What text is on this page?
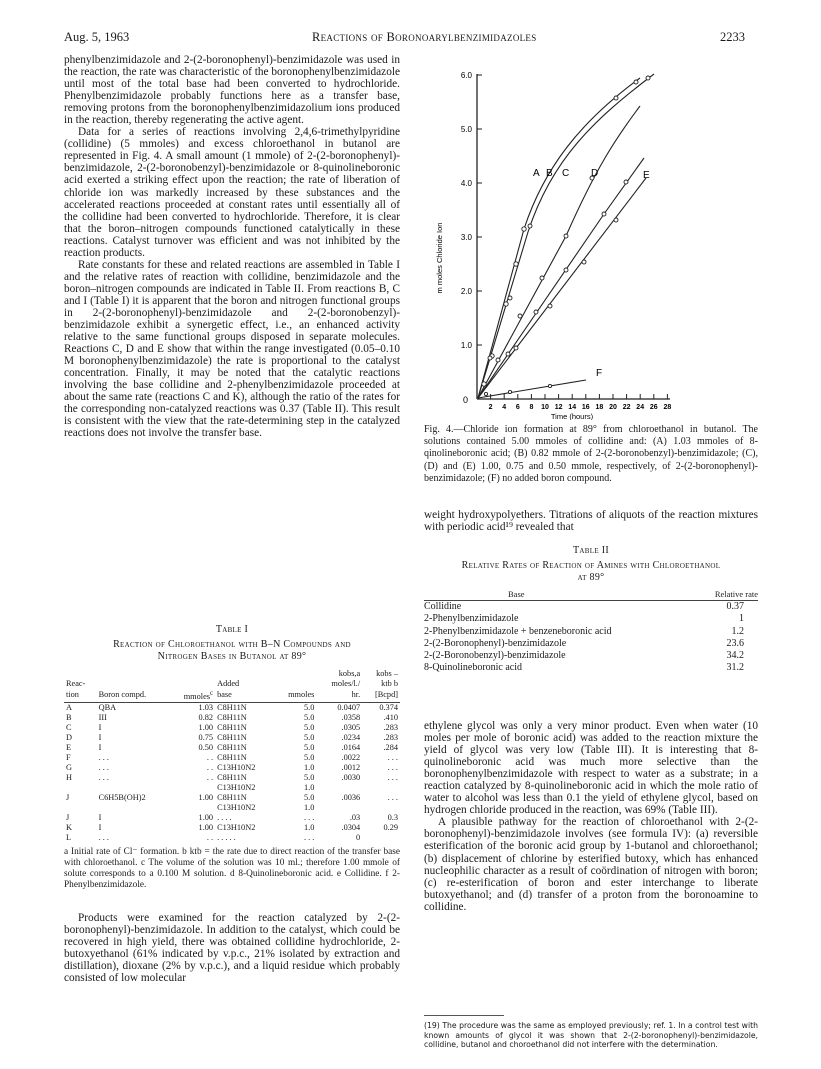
Aug. 5, 1963	Reactions of Boronoarylbenzimidazoles	2233

phenylbenzimidazole and 2-(2-boronophenyl)-benzimidazole was used in the reaction, the rate was characteristic of the boronophenylbenzimidazole until most of the total base had been converted to hydrochloride. Phenylbenzimidazole probably functions here as a transfer base, removing protons from the boronophenylbenzimidazolium ions produced in the reaction, thereby regenerating the active agent.

Data for a series of reactions involving 2,4,6-trimethylpyridine (collidine) (5 mmoles) and excess chloroethanol in butanol are represented in Fig. 4. A small amount (1 mmole) of 2-(2-boronophenyl)-benzimidazole, 2-(2-boronobenzyl)-benzimidazole or 8-quinolineboronic acid exerted a striking effect upon the reaction; the rate of liberation of chloride ion was markedly increased by these substances and the accelerated reactions proceeded at constant rates until essentially all of the collidine had been converted to hydrochloride. Therefore, it is clear that the boron–nitrogen compounds functioned catalytically in these reactions. Catalyst turnover was efficient and was not inhibited by the reaction products.

Rate constants for these and related reactions are assembled in Table I and the relative rates of reaction with collidine, benzimidazole and the boron–nitrogen compounds are indicated in Table II. From reactions B, C and I (Table I) it is apparent that the boron and nitrogen functional groups in 2-(2-boronophenyl)-benzimidazole and 2-(2-boronobenzyl)-benzimidazole exhibit a synergetic effect, i.e., an enhanced activity relative to the same functional groups disposed in separate molecules. Reactions C, D and E show that within the range investigated (0.05–0.10 M boronophenylbenzimidazole) the rate is proportional to the catalyst concentration. Finally, it may be noted that the catalytic reactions involving the base collidine and 2-phenylbenzimidazole proceeded at about the same rate (reactions C and K), although the ratio of the rates for the corresponding non-catalyzed reactions was 0.37 (Table II). This result is consistent with the view that the rate-determining step in the catalyzed reactions does not involve the transfer base.

Table I
Reaction of Chloroethanol with B–N Compounds and
Nitrogen Bases in Butanol at 89°
					kobs,a	kobs –
Reac-			Added		moles/l./	ktb b
tion	Boron compd.	mmoles$^c$	base	mmoles	hr.	[Bcpd]
A	QBA	1.03	C8H11N	5.0	0.0407	0.374
B	III	0.82	C8H11N	5.0	.0358	.410
C	I	1.00	C8H11N	5.0	.0305	.283
D	I	0.75	C8H11N	5.0	.0234	.283
E	I	0.50	C8H11N	5.0	.0164	.284
F	. . .	. .	C8H11N	5.0	.0022	. . .
G	. . .	. .	C13H10N2	1.0	.0012	. . .
H	. . .	. .	C8H11N	5.0	.0030	. . .
			C13H10N2	1.0		
J	C6H5B(OH)2	1.00	C8H11N	5.0	.0036	. . .
			C13H10N2	1.0		
J	I	1.00	. . . .	. . .	.03	0.3
K	I	1.00	C13H10N2	1.0	.0304	0.29
L	. . .	. .	. . . . .	. . .	0	
a Initial rate of Cl⁻ formation. b ktb = the rate due to direct reaction of the transfer base with chloroethanol. c The volume of the solution was 10 ml.; therefore 1.00 mmole of solute corresponds to a 0.100 M solution. d 8-Quinolineboronic acid. e Collidine. f 2-Phenylbenzimidazole.

Products were examined for the reaction catalyzed by 2-(2-boronophenyl)-benzimidazole. In addition to the catalyst, which could be recovered in high yield, there was obtained collidine hydrochloride, 2-butoxyethanol (61% indicated by v.p.c., 21% isolated by extraction and distillation), dioxane (2% by v.p.c.), and a liquid residue which probably consisted of low molecular

1.0
2.0
3.0
4.0
5.0
6.0
2 4 6 8 10 12 14 16 18 20 22 24 26 28
0
m moles Chloride Ion
Time (hours)
A B C D	E
F
Fig. 4.—Chloride ion formation at 89° from chloroethanol in butanol. The solutions contained 5.00 mmoles of collidine and: (A) 1.03 mmoles of 8-qinolineboronic acid; (B) 0.82 mmole of 2-(2-boronobenzyl)-benzimidazole; (C), (D) and (E) 1.00, 0.75 and 0.50 mmole, respectively, of 2-(2-boronophenyl)-benzimidazole; (F) no added boron compound.

weight hydroxypolyethers. Titrations of aliquots of the reaction mixtures with periodic acid¹⁹ revealed that

Table II
Relative Rates of Reaction of Amines with Chloroethanol
at 89°
Base	Relative rate
Collidine	0.37
2-Phenylbenzimidazole	1
2-Phenylbenzimidazole + benzeneboronic acid	1.2
2-(2-Boronophenyl)-benzimidazole	23.6
2-(2-Boronobenzyl)-benzimidazole	34.2
8-Quinolineboronic acid	31.2

ethylene glycol was only a very minor product. Even when water (10 moles per mole of boronic acid) was added to the reaction mixture the yield of glycol was very low (Table III). It is interesting that 8-quinolineboronic acid was much more selective than the boronophenylbenzimidazole with respect to water as a substrate; in a reaction catalyzed by 8-quinolineboronic acid in which the mole ratio of water to alcohol was less than 0.1 the yield of ethylene glycol, based on hydrogen chloride produced in the reaction, was 69% (Table III).

A plausible pathway for the reaction of chloroethanol with 2-(2-boronophenyl)-benzimidazole involves (see formula IV): (a) reversible esterification of the boronic acid group by 1-butanol and chloroethanol; (b) displacement of chlorine by esterified butoxy, which has enhanced nucleophilic character as a result of coördination of nitrogen with boron; (c) re-esterification of boron and ester interchange to liberate butoxyethanol; and (d) transfer of a proton from the boronoamine to collidine.

(19) The procedure was the same as employed previously; ref. 1. In a control test with known amounts of glycol it was shown that 2-(2-boronophenyl)-benzimidazole, collidine, butanol and choroethanol did not interfere with the determination.
